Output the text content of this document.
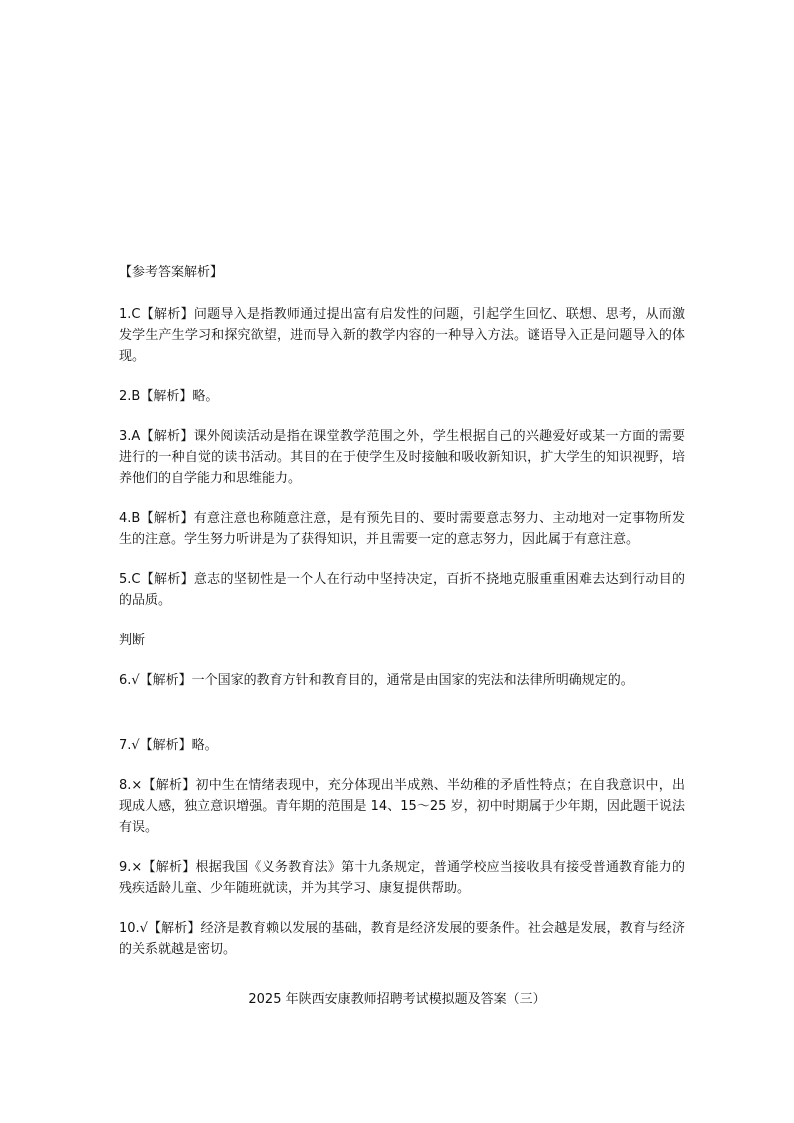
【参考答案解析】

1.C【解析】问题导入是指教师通过提出富有启发性的问题，引起学生回忆、联想、思考，从而激发学生产生学习和探究欲望，进而导入新的教学内容的一种导入方法。谜语导入正是问题导入的体现。

2.B【解析】略。

3.A【解析】课外阅读活动是指在课堂教学范围之外，学生根据自己的兴趣爱好或某一方面的需要进行的一种自觉的读书活动。其目的在于使学生及时接触和吸收新知识，扩大学生的知识视野，培养他们的自学能力和思维能力。

4.B【解析】有意注意也称随意注意，是有预先目的、要时需要意志努力、主动地对一定事物所发生的注意。学生努力听讲是为了获得知识，并且需要一定的意志努力，因此属于有意注意。

5.C【解析】意志的坚韧性是一个人在行动中坚持决定，百折不挠地克服重重困难去达到行动目的的品质。

判断

6.√【解析】一个国家的教育方针和教育目的，通常是由国家的宪法和法律所明确规定的。

7.√【解析】略。

8.×【解析】初中生在情绪表现中，充分体现出半成熟、半幼稚的矛盾性特点；在自我意识中，出现成人感，独立意识增强。青年期的范围是 14、15～25 岁，初中时期属于少年期，因此题干说法有误。

9.×【解析】根据我国《义务教育法》第十九条规定，普通学校应当接收具有接受普通教育能力的残疾适龄儿童、少年随班就读，并为其学习、康复提供帮助。

10.√【解析】经济是教育赖以发展的基础，教育是经济发展的要条件。社会越是发展，教育与经济的关系就越是密切。

2025 年陕西安康教师招聘考试模拟题及答案（三）
